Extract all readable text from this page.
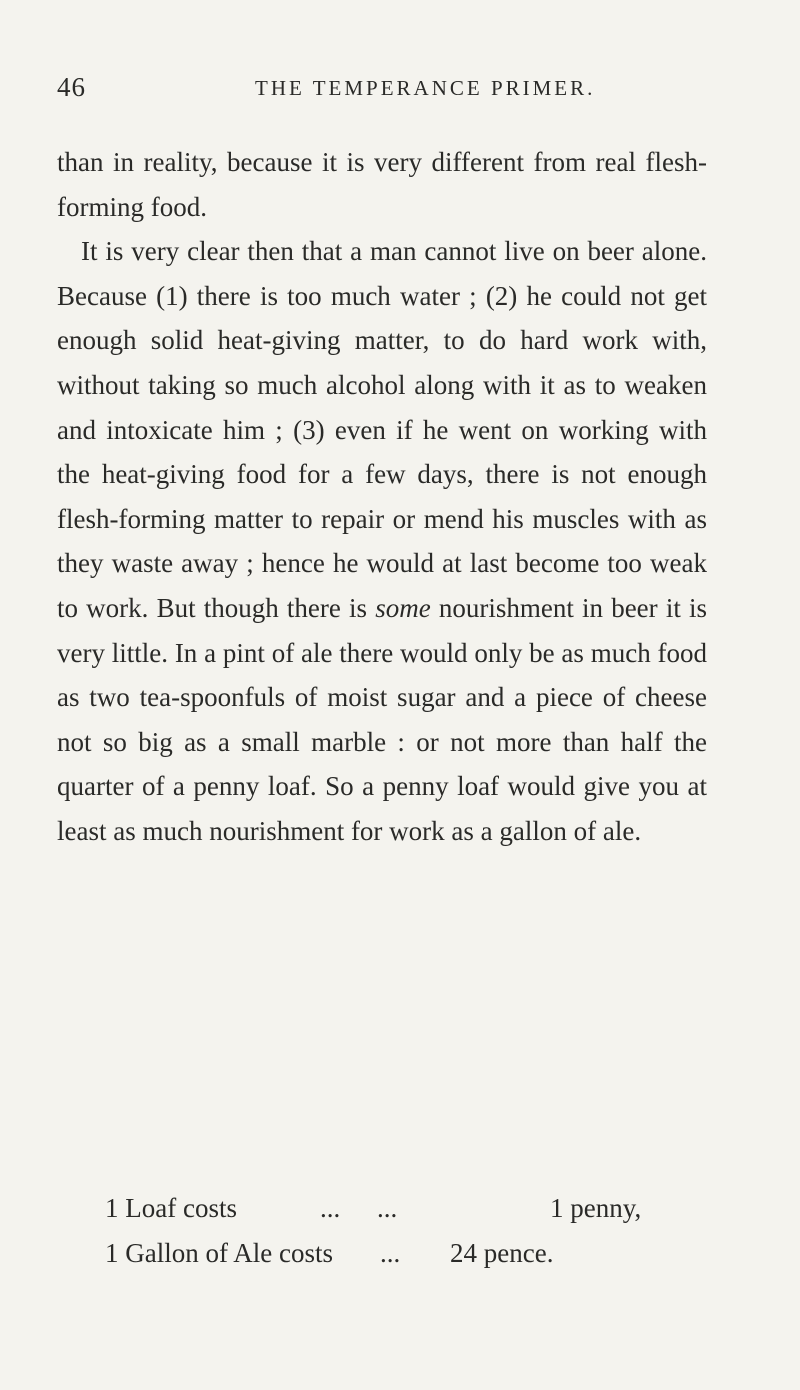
46	THE TEMPERANCE PRIMER.

than in reality, because it is very different from real flesh-forming food.

It is very clear then that a man cannot live on beer alone. Because (1) there is too much water ; (2) he could not get enough solid heat-giving matter, to do hard work with, without taking so much alcohol along with it as to weaken and intoxicate him ; (3) even if he went on working with the heat-giving food for a few days, there is not enough flesh-forming matter to repair or mend his muscles with as they waste away ; hence he would at last become too weak to work. But though there is some nourishment in beer it is very little. In a pint of ale there would only be as much food as two tea-spoonfuls of moist sugar and a piece of cheese not so big as a small marble : or not more than half the quarter of a penny loaf. So a penny loaf would give you at least as much nourishment for work as a gallon of ale.

1 Loaf costs	... ...	1 penny,
1 Gallon of Ale costs	...	24 pence.
